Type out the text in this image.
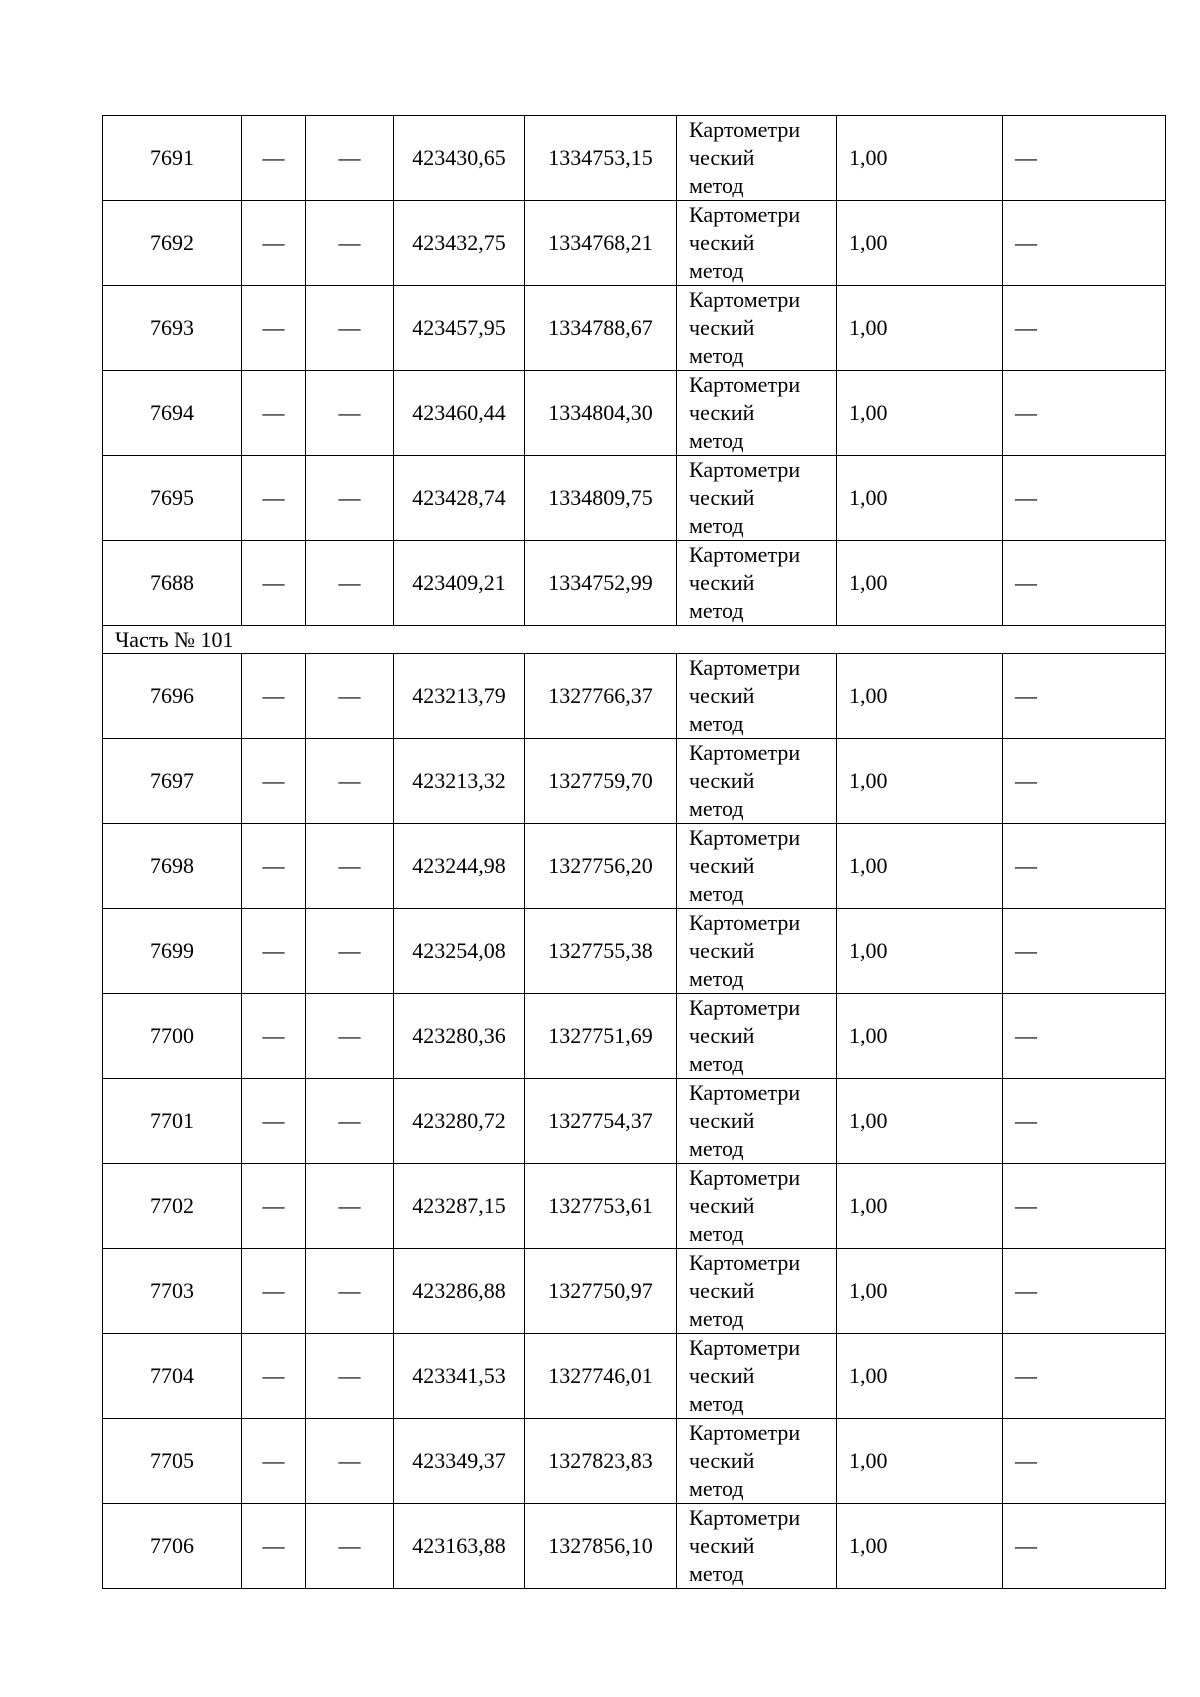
7691	—	—	423430,65	1334753,15	Картометри
ческий
метод	1,00	—
7692	—	—	423432,75	1334768,21	Картометри
ческий
метод	1,00	—
7693	—	—	423457,95	1334788,67	Картометри
ческий
метод	1,00	—
7694	—	—	423460,44	1334804,30	Картометри
ческий
метод	1,00	—
7695	—	—	423428,74	1334809,75	Картометри
ческий
метод	1,00	—
7688	—	—	423409,21	1334752,99	Картометри
ческий
метод	1,00	—
Часть № 101							
7696	—	—	423213,79	1327766,37	Картометри
ческий
метод	1,00	—
7697	—	—	423213,32	1327759,70	Картометри
ческий
метод	1,00	—
7698	—	—	423244,98	1327756,20	Картометри
ческий
метод	1,00	—
7699	—	—	423254,08	1327755,38	Картометри
ческий
метод	1,00	—
7700	—	—	423280,36	1327751,69	Картометри
ческий
метод	1,00	—
7701	—	—	423280,72	1327754,37	Картометри
ческий
метод	1,00	—
7702	—	—	423287,15	1327753,61	Картометри
ческий
метод	1,00	—
7703	—	—	423286,88	1327750,97	Картометри
ческий
метод	1,00	—
7704	—	—	423341,53	1327746,01	Картометри
ческий
метод	1,00	—
7705	—	—	423349,37	1327823,83	Картометри
ческий
метод	1,00	—
7706	—	—	423163,88	1327856,10	Картометри
ческий
метод	1,00	—
